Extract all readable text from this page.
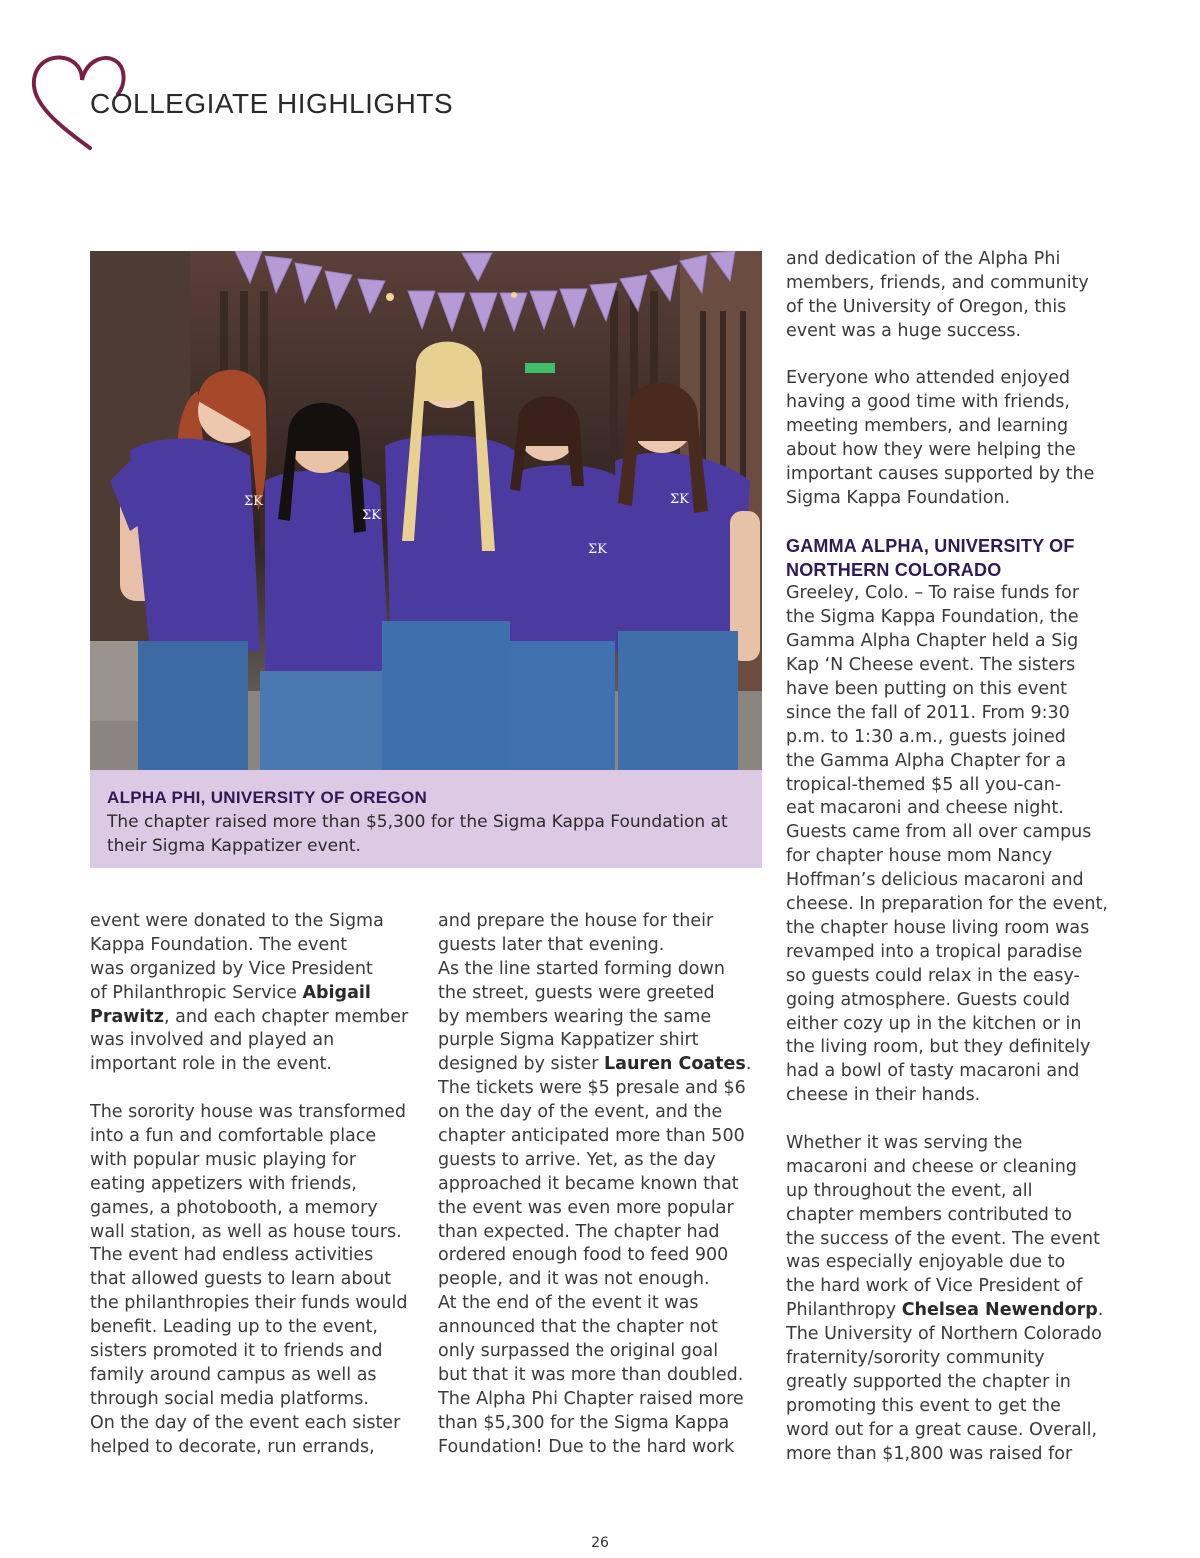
COLLEGIATE HIGHLIGHTS
ΣK
ΣK
ΣK
ΣK
ALPHA PHI, UNIVERSITY OF OREGON
The chapter raised more than $5,300 for the Sigma Kappa Foundation at their Sigma Kappatizer event.
event were donated to the Sigma
Kappa Foundation. The event
was organized by Vice President
of Philanthropic Service Abigail
Prawitz, and each chapter member
was involved and played an
important role in the event.
The sorority house was transformed
into a fun and comfortable place
with popular music playing for
eating appetizers with friends,
games, a photobooth, a memory
wall station, as well as house tours.
The event had endless activities
that allowed guests to learn about
the philanthropies their funds would
benefit. Leading up to the event,
sisters promoted it to friends and
family around campus as well as
through social media platforms.
On the day of the event each sister
helped to decorate, run errands,
and prepare the house for their
guests later that evening.
As the line started forming down
the street, guests were greeted
by members wearing the same
purple Sigma Kappatizer shirt
designed by sister Lauren Coates.
The tickets were $5 presale and $6
on the day of the event, and the
chapter anticipated more than 500
guests to arrive. Yet, as the day
approached it became known that
the event was even more popular
than expected. The chapter had
ordered enough food to feed 900
people, and it was not enough.
At the end of the event it was
announced that the chapter not
only surpassed the original goal
but that it was more than doubled.
The Alpha Phi Chapter raised more
than $5,300 for the Sigma Kappa
Foundation! Due to the hard work
and dedication of the Alpha Phi
members, friends, and community
of the University of Oregon, this
event was a huge success.
Everyone who attended enjoyed
having a good time with friends,
meeting members, and learning
about how they were helping the
important causes supported by the
Sigma Kappa Foundation.
GAMMA ALPHA, UNIVERSITY OF
NORTHERN COLORADO
Greeley, Colo. – To raise funds for
the Sigma Kappa Foundation, the
Gamma Alpha Chapter held a Sig
Kap ‘N Cheese event. The sisters
have been putting on this event
since the fall of 2011. From 9:30
p.m. to 1:30 a.m., guests joined
the Gamma Alpha Chapter for a
tropical-themed $5 all you-can-
eat macaroni and cheese night.
Guests came from all over campus
for chapter house mom Nancy
Hoffman’s delicious macaroni and
cheese. In preparation for the event,
the chapter house living room was
revamped into a tropical paradise
so guests could relax in the easy-
going atmosphere. Guests could
either cozy up in the kitchen or in
the living room, but they definitely
had a bowl of tasty macaroni and
cheese in their hands.
Whether it was serving the
macaroni and cheese or cleaning
up throughout the event, all
chapter members contributed to
the success of the event. The event
was especially enjoyable due to
the hard work of Vice President of
Philanthropy Chelsea Newendorp.
The University of Northern Colorado
fraternity/sorority community
greatly supported the chapter in
promoting this event to get the
word out for a great cause. Overall,
more than $1,800 was raised for
26
